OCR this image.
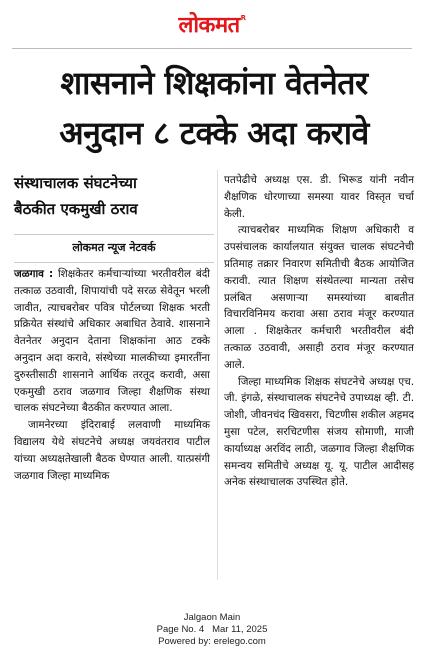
लोकमत$^R$
शासनाने शिक्षकांना वेतनेतर
अनुदान ८ टक्के अदा करावे
संस्थाचालक संघटनेच्या
बैठकीत एकमुखी ठराव
लोकमत न्यूज नेटवर्क

जळगाव : शिक्षकेतर कर्मचाऱ्यांच्या भरतीवरील बंदी तत्काळ उठवावी, शिपायांची पदे सरळ सेवेतून भरली जावीत, त्याचबरोबर पवित्र पोर्टलच्या शिक्षक भरती प्रक्रियेत संस्थांचे अधिकार अबाधित ठेवावे. शासनाने वेतनेतर अनुदान देताना शिक्षकांना आठ टक्के अनुदान अदा करावे, संस्थेच्या मालकीच्या इमारतींना दुरुस्तीसाठी शासनाने आर्थिक तरतूद करावी, असा एकमुखी ठराव जळगाव जिल्हा शैक्षणिक संस्था चालक संघटनेच्या बैठकीत करण्यात आला.

जामनेरच्या इंदिराबाई ललवाणी माध्यमिक विद्यालय येथे संघटनेचे अध्यक्ष जयवंतराव पाटील यांच्या अध्यक्षतेखाली बैठक घेण्यात आली. यात्प्रसंगी जळगाव जिल्हा माध्यमिक

पतपेढीचे अध्यक्ष एस. डी. भिरूड यांनी नवीन शैक्षणिक धोरणाच्या समस्या यावर विस्तृत चर्चा केली.

त्याचबरोबर माध्यमिक शिक्षण अधिकारी व उपसंचालक कार्यालयात संयुक्त चालक संघटनेची प्रतिमाह तक्रार निवारण समितीची बैठक आयोजित करावी. त्यात शिक्षण संस्थेतल्या मान्यता तसेच प्रलंबित असणाऱ्या समस्यांच्या बाबतीत विचारविनिमय करावा असा ठराव मंजूर करण्यात आला . शिक्षकेतर कर्मचारी भरतीवरील बंदी तत्काळ उठवावी, असाही ठराव मंजूर करण्यात आले.

जिल्हा माध्यमिक शिक्षक संघटनेचे अध्यक्ष एच. जी. इंगळे, संस्थाचालक संघटनेचे उपाध्यक्ष व्ही. टी. जोशी, जीवनचंद खिवसरा, चिटणीस शकील अहमद मुसा पटेल, सरचिटणीस संजय सोमाणी, माजी कार्याध्यक्ष अरविंद लाठी, जळगाव जिल्हा शैक्षणिक समन्वय समितीचे अध्यक्ष यू. यू. पाटील आदीसह अनेक संस्थाचालक उपस्थित होते.

Jalgaon Main
Page No. 4   Mar 11, 2025
Powered by: erelego.com
